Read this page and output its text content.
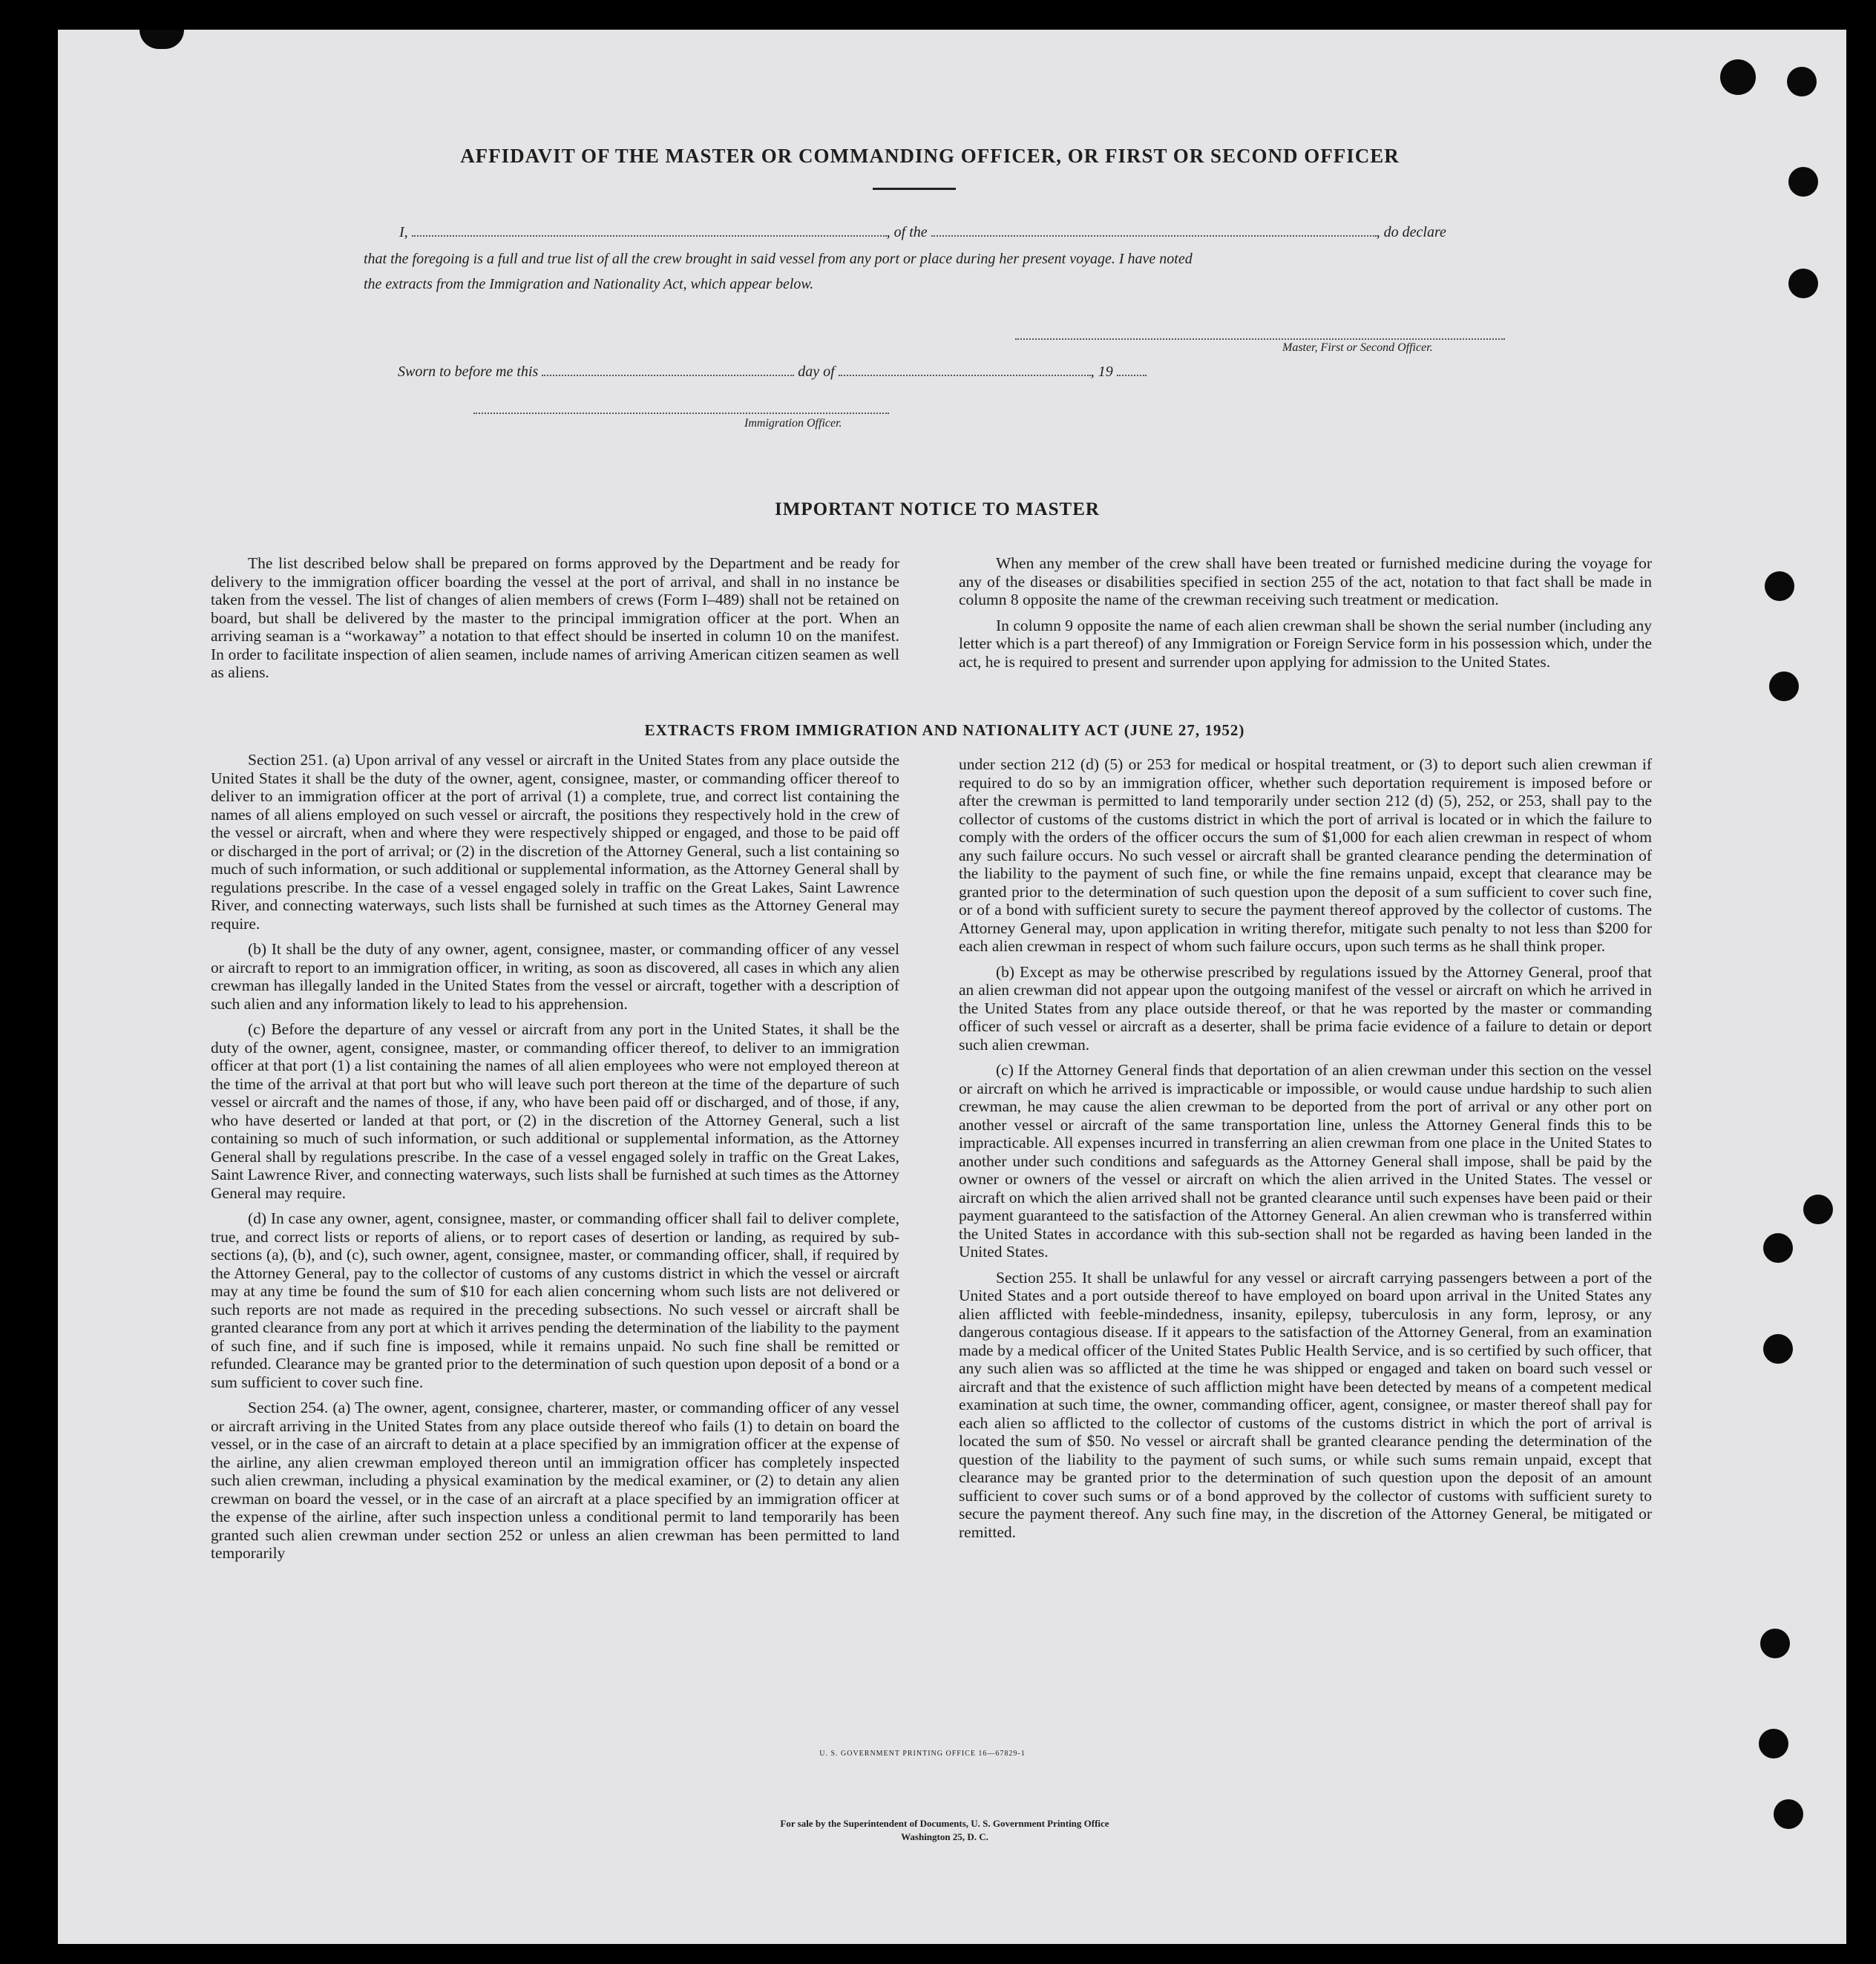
AFFIDAVIT OF THE MASTER OR COMMANDING OFFICER, OR FIRST OR SECOND OFFICER
I,	, of the	, do declare
that the foregoing is a full and true list of all the crew brought in said vessel from any port or place during her present voyage. I have noted
the extracts from the Immigration and Nationality Act, which appear below.
Master, First or Second Officer.
Sworn to before me this	day of	, 19
Immigration Officer.
IMPORTANT NOTICE TO MASTER

The list described below shall be prepared on forms approved by the Department and be ready for delivery to the immigration officer boarding the vessel at the port of arrival, and shall in no instance be taken from the vessel. The list of changes of alien members of crews (Form I–489) shall not be retained on board, but shall be delivered by the master to the principal immigration officer at the port. When an arriving seaman is a “workaway” a notation to that effect should be inserted in column 10 on the manifest. In order to facilitate inspection of alien seamen, include names of arriving American citizen seamen as well as aliens.

When any member of the crew shall have been treated or furnished medicine during the voyage for any of the diseases or disabilities specified in section 255 of the act, notation to that fact shall be made in column 8 opposite the name of the crewman receiving such treatment or medication.

In column 9 opposite the name of each alien crewman shall be shown the serial number (including any letter which is a part thereof) of any Immigration or Foreign Service form in his possession which, under the act, he is required to present and surrender upon applying for admission to the United States.

EXTRACTS FROM IMMIGRATION AND NATIONALITY ACT (JUNE 27, 1952)

Section 251. (a) Upon arrival of any vessel or aircraft in the United States from any place outside the United States it shall be the duty of the owner, agent, consignee, master, or commanding officer thereof to deliver to an immigration officer at the port of arrival (1) a complete, true, and correct list containing the names of all aliens employed on such vessel or aircraft, the positions they respectively hold in the crew of the vessel or aircraft, when and where they were respectively shipped or engaged, and those to be paid off or discharged in the port of arrival; or (2) in the discretion of the Attorney General, such a list containing so much of such information, or such additional or supplemental information, as the Attorney General shall by regulations prescribe. In the case of a vessel engaged solely in traffic on the Great Lakes, Saint Lawrence River, and connecting waterways, such lists shall be furnished at such times as the Attorney General may require.

(b) It shall be the duty of any owner, agent, consignee, master, or commanding officer of any vessel or aircraft to report to an immigration officer, in writing, as soon as discovered, all cases in which any alien crewman has illegally landed in the United States from the vessel or aircraft, together with a description of such alien and any information likely to lead to his apprehension.

(c) Before the departure of any vessel or aircraft from any port in the United States, it shall be the duty of the owner, agent, consignee, master, or commanding officer thereof, to deliver to an immigration officer at that port (1) a list containing the names of all alien employees who were not employed thereon at the time of the arrival at that port but who will leave such port thereon at the time of the departure of such vessel or aircraft and the names of those, if any, who have been paid off or discharged, and of those, if any, who have deserted or landed at that port, or (2) in the discretion of the Attorney General, such a list containing so much of such information, or such additional or supplemental information, as the Attorney General shall by regulations prescribe. In the case of a vessel engaged solely in traffic on the Great Lakes, Saint Lawrence River, and connecting waterways, such lists shall be furnished at such times as the Attorney General may require.

(d) In case any owner, agent, consignee, master, or commanding officer shall fail to deliver complete, true, and correct lists or reports of aliens, or to report cases of desertion or landing, as required by sub-sections (a), (b), and (c), such owner, agent, consignee, master, or commanding officer, shall, if required by the Attorney General, pay to the collector of customs of any customs district in which the vessel or aircraft may at any time be found the sum of $10 for each alien concerning whom such lists are not delivered or such reports are not made as required in the preceding subsections. No such vessel or aircraft shall be granted clearance from any port at which it arrives pending the determination of the liability to the payment of such fine, and if such fine is imposed, while it remains unpaid. No such fine shall be remitted or refunded. Clearance may be granted prior to the determination of such question upon deposit of a bond or a sum sufficient to cover such fine.

Section 254. (a) The owner, agent, consignee, charterer, master, or commanding officer of any vessel or aircraft arriving in the United States from any place outside thereof who fails (1) to detain on board the vessel, or in the case of an aircraft to detain at a place specified by an immigration officer at the expense of the airline, any alien crewman employed thereon until an immigration officer has completely inspected such alien crewman, including a physical examination by the medical examiner, or (2) to detain any alien crewman on board the vessel, or in the case of an aircraft at a place specified by an immigration officer at the expense of the airline, after such inspection unless a conditional permit to land temporarily has been granted such alien crewman under section 252 or unless an alien crewman has been permitted to land temporarily

under section 212 (d) (5) or 253 for medical or hospital treatment, or (3) to deport such alien crewman if required to do so by an immigration officer, whether such deportation requirement is imposed before or after the crewman is permitted to land temporarily under section 212 (d) (5), 252, or 253, shall pay to the collector of customs of the customs district in which the port of arrival is located or in which the failure to comply with the orders of the officer occurs the sum of $1,000 for each alien crewman in respect of whom any such failure occurs. No such vessel or aircraft shall be granted clearance pending the determination of the liability to the payment of such fine, or while the fine remains unpaid, except that clearance may be granted prior to the determination of such question upon the deposit of a sum sufficient to cover such fine, or of a bond with sufficient surety to secure the payment thereof approved by the collector of customs. The Attorney General may, upon application in writing therefor, mitigate such penalty to not less than $200 for each alien crewman in respect of whom such failure occurs, upon such terms as he shall think proper.

(b) Except as may be otherwise prescribed by regulations issued by the Attorney General, proof that an alien crewman did not appear upon the outgoing manifest of the vessel or aircraft on which he arrived in the United States from any place outside thereof, or that he was reported by the master or commanding officer of such vessel or aircraft as a deserter, shall be prima facie evidence of a failure to detain or deport such alien crewman.

(c) If the Attorney General finds that deportation of an alien crewman under this section on the vessel or aircraft on which he arrived is impracticable or impossible, or would cause undue hardship to such alien crewman, he may cause the alien crewman to be deported from the port of arrival or any other port on another vessel or aircraft of the same transportation line, unless the Attorney General finds this to be impracticable. All expenses incurred in transferring an alien crewman from one place in the United States to another under such conditions and safeguards as the Attorney General shall impose, shall be paid by the owner or owners of the vessel or aircraft on which the alien arrived in the United States. The vessel or aircraft on which the alien arrived shall not be granted clearance until such expenses have been paid or their payment guaranteed to the satisfaction of the Attorney General. An alien crewman who is transferred within the United States in accordance with this sub-section shall not be regarded as having been landed in the United States.

Section 255. It shall be unlawful for any vessel or aircraft carrying passengers between a port of the United States and a port outside thereof to have employed on board upon arrival in the United States any alien afflicted with feeble-mindedness, insanity, epilepsy, tuberculosis in any form, leprosy, or any dangerous contagious disease. If it appears to the satisfaction of the Attorney General, from an examination made by a medical officer of the United States Public Health Service, and is so certified by such officer, that any such alien was so afflicted at the time he was shipped or engaged and taken on board such vessel or aircraft and that the existence of such affliction might have been detected by means of a competent medical examination at such time, the owner, commanding officer, agent, consignee, or master thereof shall pay for each alien so afflicted to the collector of customs of the customs district in which the port of arrival is located the sum of $50. No vessel or aircraft shall be granted clearance pending the determination of the question of the liability to the payment of such sums, or while such sums remain unpaid, except that clearance may be granted prior to the determination of such question upon the deposit of an amount sufficient to cover such sums or of a bond approved by the collector of customs with sufficient surety to secure the payment thereof. Any such fine may, in the discretion of the Attorney General, be mitigated or remitted.

U. S. GOVERNMENT PRINTING OFFICE 16—67829-1
For sale by the Superintendent of Documents, U. S. Government Printing Office
Washington 25, D. C.
